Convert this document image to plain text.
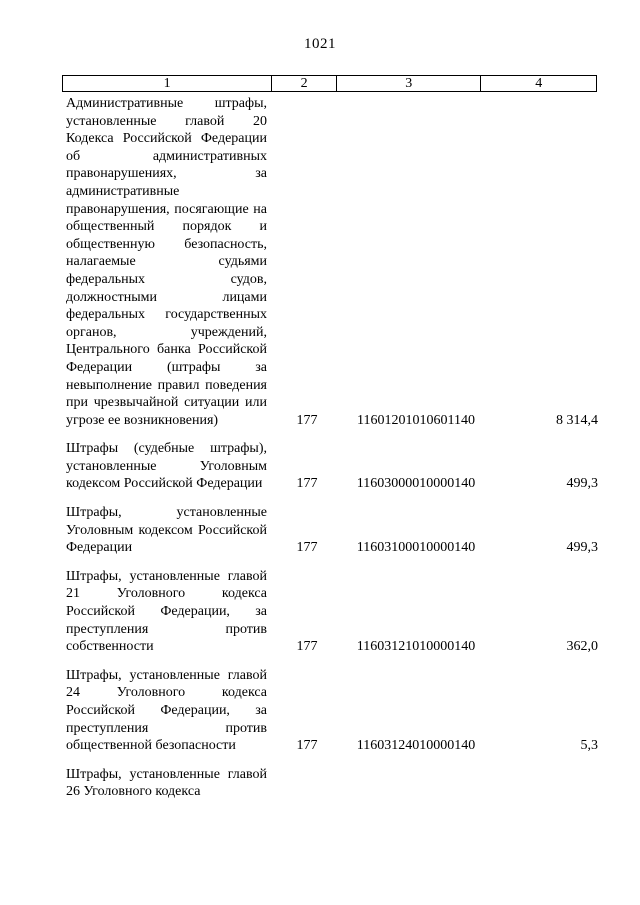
1021
1	2	3	4
Административные штрафы, установленные главой 20 Кодекса Российской Федерации об административных правонарушениях, за административные правонарушения, посягающие на общественный порядок и общественную безопасность, налагаемые судьями федеральных судов, должностными лицами федеральных государственных органов, учреждений, Центрального банка Российской Федерации (штрафы за невыполнение правил поведения при чрезвычайной ситуации или угрозе ее возникновения)	177	11601201010601140	8 314,4
Штрафы (судебные штрафы), установленные Уголовным кодексом Российской Федерации	177	11603000010000140	499,3
Штрафы, установленные Уголовным кодексом Российской Федерации	177	11603100010000140	499,3
Штрафы, установленные главой 21 Уголовного кодекса Российской Федерации, за преступления против собственности	177	11603121010000140	362,0
Штрафы, установленные главой 24 Уголовного кодекса Российской Федерации, за преступления против общественной безопасности	177	11603124010000140	5,3
Штрафы, установленные главой 26 Уголовного кодекса
